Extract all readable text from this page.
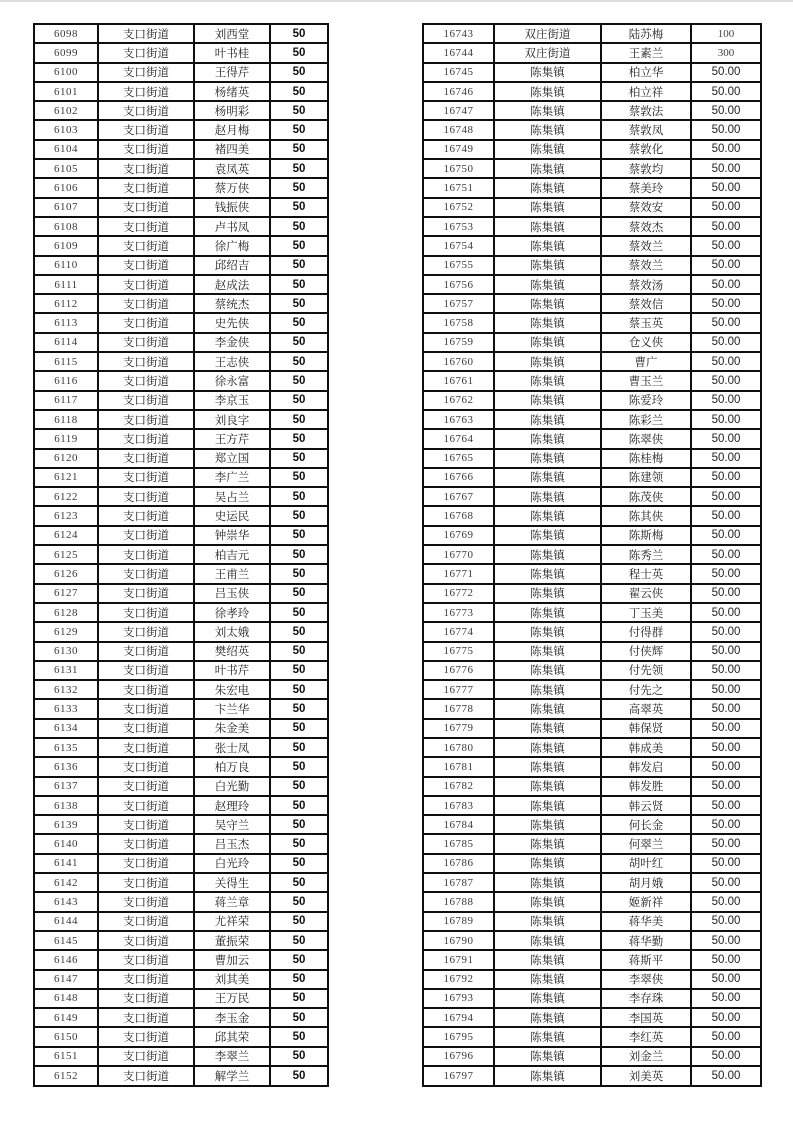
6098	支口街道	刘西堂	50
6099	支口街道	叶书桂	50
6100	支口街道	王得芹	50
6101	支口街道	杨绪英	50
6102	支口街道	杨明彩	50
6103	支口街道	赵月梅	50
6104	支口街道	褚四美	50
6105	支口街道	袁凤英	50
6106	支口街道	蔡万侠	50
6107	支口街道	钱振侠	50
6108	支口街道	卢书凤	50
6109	支口街道	徐广梅	50
6110	支口街道	邱绍吉	50
6111	支口街道	赵成法	50
6112	支口街道	蔡统杰	50
6113	支口街道	史先侠	50
6114	支口街道	李金侠	50
6115	支口街道	王志侠	50
6116	支口街道	徐永富	50
6117	支口街道	李京玉	50
6118	支口街道	刘良字	50
6119	支口街道	王方芹	50
6120	支口街道	郑立国	50
6121	支口街道	李广兰	50
6122	支口街道	吴占兰	50
6123	支口街道	史运民	50
6124	支口街道	钟崇华	50
6125	支口街道	柏吉元	50
6126	支口街道	王甫兰	50
6127	支口街道	吕玉侠	50
6128	支口街道	徐孝玲	50
6129	支口街道	刘太娥	50
6130	支口街道	樊绍英	50
6131	支口街道	叶书芹	50
6132	支口街道	朱宏电	50
6133	支口街道	卞兰华	50
6134	支口街道	朱金美	50
6135	支口街道	张士凤	50
6136	支口街道	柏万良	50
6137	支口街道	白光勤	50
6138	支口街道	赵理玲	50
6139	支口街道	吴守兰	50
6140	支口街道	吕玉杰	50
6141	支口街道	白光玲	50
6142	支口街道	关得生	50
6143	支口街道	蒋兰章	50
6144	支口街道	尤祥荣	50
6145	支口街道	董振荣	50
6146	支口街道	曹加云	50
6147	支口街道	刘其美	50
6148	支口街道	王万民	50
6149	支口街道	李玉金	50
6150	支口街道	邱其荣	50
6151	支口街道	李翠兰	50
6152	支口街道	解学兰	50
16743	双庄街道	陆苏梅	100
16744	双庄街道	王素兰	300
16745	陈集镇	柏立华	50.00
16746	陈集镇	柏立祥	50.00
16747	陈集镇	蔡敦法	50.00
16748	陈集镇	蔡敦凤	50.00
16749	陈集镇	蔡敦化	50.00
16750	陈集镇	蔡敦均	50.00
16751	陈集镇	蔡美玲	50.00
16752	陈集镇	蔡效安	50.00
16753	陈集镇	蔡效杰	50.00
16754	陈集镇	蔡效兰	50.00
16755	陈集镇	蔡效兰	50.00
16756	陈集镇	蔡效汤	50.00
16757	陈集镇	蔡效信	50.00
16758	陈集镇	蔡玉英	50.00
16759	陈集镇	仓义侠	50.00
16760	陈集镇	曹广	50.00
16761	陈集镇	曹玉兰	50.00
16762	陈集镇	陈爱玲	50.00
16763	陈集镇	陈彩兰	50.00
16764	陈集镇	陈翠侠	50.00
16765	陈集镇	陈桂梅	50.00
16766	陈集镇	陈建领	50.00
16767	陈集镇	陈茂侠	50.00
16768	陈集镇	陈其侠	50.00
16769	陈集镇	陈斯梅	50.00
16770	陈集镇	陈秀兰	50.00
16771	陈集镇	程士英	50.00
16772	陈集镇	翟云侠	50.00
16773	陈集镇	丁玉美	50.00
16774	陈集镇	付得群	50.00
16775	陈集镇	付侠辉	50.00
16776	陈集镇	付先领	50.00
16777	陈集镇	付先之	50.00
16778	陈集镇	高翠英	50.00
16779	陈集镇	韩保贤	50.00
16780	陈集镇	韩成美	50.00
16781	陈集镇	韩发启	50.00
16782	陈集镇	韩发胜	50.00
16783	陈集镇	韩云贤	50.00
16784	陈集镇	何长金	50.00
16785	陈集镇	何翠兰	50.00
16786	陈集镇	胡叶红	50.00
16787	陈集镇	胡月娥	50.00
16788	陈集镇	姬新祥	50.00
16789	陈集镇	蒋华美	50.00
16790	陈集镇	蒋华勤	50.00
16791	陈集镇	蒋斯平	50.00
16792	陈集镇	李翠侠	50.00
16793	陈集镇	李存珠	50.00
16794	陈集镇	李国英	50.00
16795	陈集镇	李红英	50.00
16796	陈集镇	刘金兰	50.00
16797	陈集镇	刘美英	50.00
